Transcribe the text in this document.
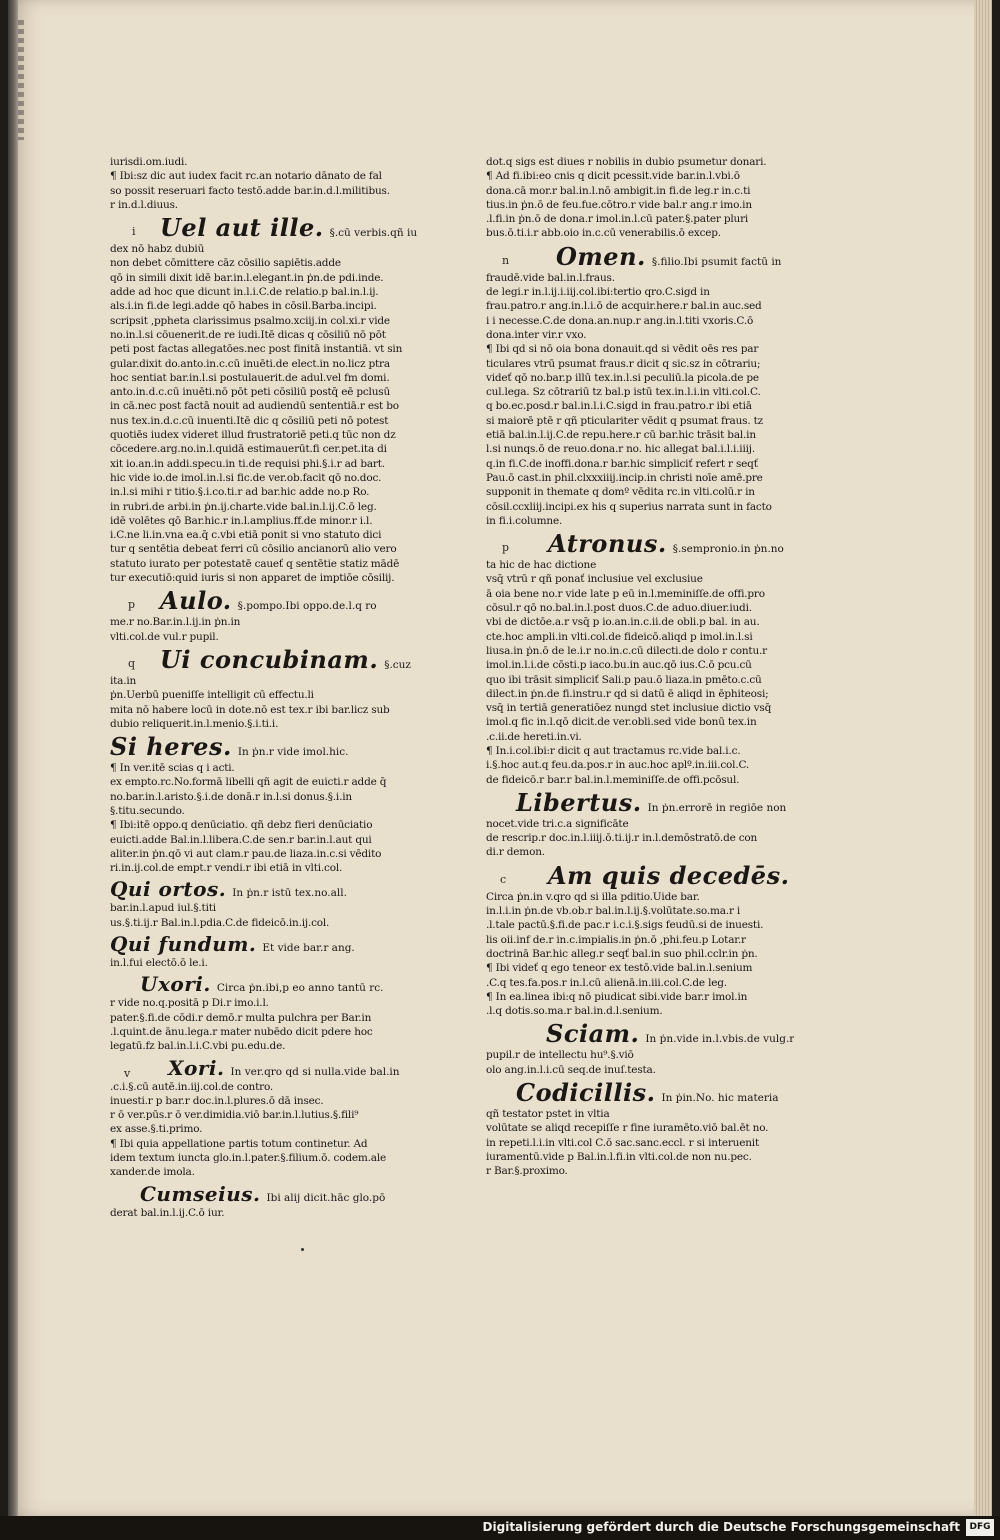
iurisdi.om.iudi.
¶ Ibi:sz dic aut iudex facit rc.an notario dānato de fal
so possit reseruari facto testō.adde bar.in.d.l.militibus.
r in.d.l.diuus.
i Uel aut ille. §.cū verbis.qñ iu
dex nō habz dubiū
non debet cōmittere cāz cōsilio sapiētis.adde
qō in simili dixit idē bar.in.l.elegant.in ṗn.de pdi.inde.
adde ad hoc que dicunt in.l.i.C.de relatio.p bal.in.l.ij.
als.i.in fi.de legi.adde qō habes in cōsil.Barba.incipi.
scripsit ,ppheta clarissimus psalmo.xciij.in col.xi.r vide
no.in.l.si cōuenerit.de re iudi.Itē dicas q cōsiliū nō pōt
peti post factas allegatōes.nec post finitā instantiā. vt sin
gular.dixit do.anto.in.c.cū inuēti.de elect.in no.licz ptra
hoc sentiat bar.in.l.si postulauerit.de adul.vel fm domi.
anto.in.d.c.cū inuēti.nō pōt peti cōsiliū postq̄ eē pclusū
in cā.nec post factā nouit ad audiendū sententiā.r est bo
nus tex.in.d.c.cū inuenti.Itē dic q cōsiliū peti nō potest
quotiēs iudex videret illud frustratoriē peti.q tūc non dz
cōcedere.arg.no.in.l.quidā estimauerūt.fi cer.pet.ita di
xit io.an.in addi.specu.in ti.de requisi phi.§.i.r ad bart.
hic vide io.de imol.in.l.si fic.de ver.ob.facit qō no.doc.
in.l.si mihi r titio.§.i.co.ti.r ad bar.hic adde no.p Ro.
in rubri.de arbi.in ṗn.ij.charte.vide bal.in.l.ij.C.ō leg.
idē volētes qō Bar.hic.r in.l.amplius.ff.de minor.r i.l.
i.C.ne li.in.vna ea.q̄ c.vbi etiā ponit si vno statuto dici
tur q sentētia debeat ferri cū cōsilio ancianorū alio vero
statuto iurato per potestatē caueť q sentētie statiz mādē
tur executiō:quid iuris si non apparet de imptiōe cōsilij.
p Aulo. §.pompo.Ibi oppo.de.l.q ro
me.r no.Bar.in.l.ij.in ṗn.in
vlti.col.de vul.r pupil.
q Ui concubinam. §.cuz
ita.in
ṗn.Uerbū pueniſſe intelligit cū effectu.li
mita nō habere locū in dote.nō est tex.r ibi bar.licz sub
dubio reliquerit.in.l.menio.§.i.ti.i.
Si heres. In ṗn.r vide imol.hic.
¶ In ver.itē scias q i acti.
ex empto.rc.No.formā libelli qñ agit de euicti.r adde q̄
no.bar.in.l.aristo.§.i.de donā.r in.l.si donus.§.i.in
§.titu.secundo.
¶ Ibi:itē oppo.q denūciatio. qñ debz fieri denūciatio
euicti.adde Bal.in.l.libera.C.de sen.r bar.in.l.aut qui
aliter.in ṗn.qō vi aut clam.r pau.de liaza.in.c.si vēdito
ri.in.ij.col.de empt.r vendi.r ibi etiā in vlti.col.
Qui ortos. In ṗn.r istū tex.no.all.
bar.in.l.apud iul.§.titi
us.§.ti.ij.r Bal.in.l.pdia.C.de fideicō.in.ij.col.
Qui fundum. Et vide bar.r ang.
in.l.fui electō.ō le.i.
Uxori. Circa ṗn.ibi,p eo anno tantū rc.
r vide no.q.positā p Di.r imo.i.l.
pater.§.fi.de cōdi.r demō.r multa pulchra per Bar.in
.l.quint.de ānu.lega.r mater nubēdo dicit pdere hoc
legatū.fz bal.in.l.i.C.vbi pu.edu.de.
v Xori. In ver.qro qd si nulla.vide bal.in
.c.i.§.cū autē.in.iij.col.de contro.
inuesti.r p bar.r doc.in.l.plures.ō dā insec.
r ō ver.pūs.r ō ver.dimidia.viō bar.in.l.lutius.§.fili⁹
ex asse.§.ti.primo.
¶ Ibi quia appellatione partis totum continetur. Ad
idem textum iuncta glo.in.l.pater.§.filium.ō. codem.ale
xander.de imola.
Cumseius. Ibi alij dicit.hāc glo.pō
derat bal.in.l.ij.C.ō iur.
dot.q sigs est diues r nobilis in dubio psumetur donari.
¶ Ad fi.ibi:eo cnis q dicit pcessit.vide bar.in.l.vbi.ō
dona.cā mor.r bal.in.l.nō ambigit.in fi.de leg.r in.c.ti
tius.in ṗn.ō de feu.fue.cōtro.r vide bal.r ang.r imo.in
.l.fi.in ṗn.ō de dona.r imol.in.l.cū pater.§.pater pluri
bus.ō.ti.i.r abb.oio in.c.cū venerabilis.ō excep.
n Omen. §.filio.Ibi psumit factū in
fraudē.vide bal.in.l.fraus.
de legi.r in.l.ij.i.iij.col.ibi:tertio qro.C.sigd in
frau.patro.r ang.in.l.i.ō de acquir.here.r bal.in auc.sed
i i necesse.C.de dona.an.nup.r ang.in.l.titi vxoris.C.ō
dona.inter vir.r vxo.
¶ Ibi qd si nō oia bona donauit.qd si vēdit oēs res par
ticulares vtrū psumat fraus.r dicit q sic.sz in cōtrariu;
videť qō no.bar.p illū tex.in.l.si peculiū.la picola.de pe
cul.lega. Sz cōtrariū tz bal.p istū tex.in.l.i.in vlti.col.C.
q bo.ec.posd.r bal.in.l.i.C.sigd in frau.patro.r ibi etiā
si maiorē ptē r qñ pticulariter vēdit q psumat fraus. tz
etiā bal.in.l.ij.C.de repu.here.r cū bar.hic trāsit bal.in
l.si nunqs.ō de reuo.dona.r no. hic allegat bal.i.l.i.iiij.
q.in fi.C.de inoffi.dona.r bar.hic simpliciť refert r seqť
Pau.ō cast.in phil.clxxxiiij.incip.in christi noīe amē.pre
supponit in themate q domº vēdita rc.in vlti.colū.r in
cōsil.ccxliij.incipi.ex his q superius narrata sunt in facto
in fi.i.columne.
p Atronus. §.sempronio.in ṗn.no
ta hic de hac dictione
vsq̄ vtrū r qñ ponať inclusiue vel exclusiue
ā oia bene no.r vide late p eū in.l.meminiſſe.de offi.pro
cōsul.r qō no.bal.in.l.post duos.C.de aduo.diuer.iudi.
vbi de dictōe.a.r vsq̄ p io.an.in.c.ii.de obli.p bal. in au.
cte.hoc ampli.in vlti.col.de fideicō.aliqd p imol.in.l.si
liusa.in ṗn.ō de le.i.r no.in.c.cū dilecti.de dolo r contu.r
imol.in.l.i.de cōsti.p iaco.bu.in auc.qō ius.C.ō pcu.cū
quo ibi trāsit simpliciť Sali.p pau.ō liaza.in pmēto.c.cū
dilect.in ṗn.de fi.instru.r qd si datū ē aliqd in ēphiteosi;
vsq̄ in tertiā generatiōez nungd stet inclusiue dictio vsq̄
imol.q fic in.l.qō dicit.de ver.obli.sed vide bonū tex.in
.c.ii.de hereti.in.vi.
¶ In.i.col.ibi:r dicit q aut tractamus rc.vide bal.i.c.
i.§.hoc aut.q feu.da.pos.r in auc.hoc aplº.in.iii.col.C.
de fideicō.r bar.r bal.in.l.meminiſſe.de offi.pcōsul.
Libertus. In ṗn.errorē in regiōe non
nocet.vide tri.c.a significāte
de rescrip.r doc.in.l.iiij.ō.ti.ij.r in.l.demōstratō.de con
di.r demon.
c Am quis decedēs.
Circa ṗn.in v.qro qd si illa pditio.Uide bar.
in.l.i.in ṗn.de vb.ob.r bal.in.l.ij.§.volūtate.so.ma.r i
.l.tale pactū.§.fi.de pac.r i.c.i.§.sigs feudū.si de inuesti.
lis oii.inf de.r in.c.impialis.in ṗn.ō ,phi.feu.p Lotar.r
doctrinā Bar.hic alleg.r seqť bal.in suo phil.cclr.in ṗn.
¶ Ibi videť q ego teneor ex testō.vide bal.in.l.senium
.C.q tes.fa.pos.r in.l.cū alienā.in.iii.col.C.de leg.
¶ In ea.linea ibi:q nō piudicat sibi.vide bar.r imol.in
.l.q dotis.so.ma.r bal.in.d.l.senium.
Sciam. In ṗn.vide in.l.vbis.de vulg.r
pupil.r de intellectu hu⁹.§.viō
olo ang.in.l.i.cū seq.de inuſ.testa.
Codicillis. In ṗin.No. hic materia
qñ testator pstet in vltia
volūtate se aliqd recepiſſe r fine iuramēto.viō bal.ēt no.
in repeti.l.i.in vlti.col C.ō sac.sanc.eccl. r si interuenit
iuramentū.vide p Bal.in.l.fi.in vlti.col.de non nu.pec.
r Bar.§.proximo.
Digitalisierung gefördert durch die Deutsche Forschungsgemeinschaft	DFG
